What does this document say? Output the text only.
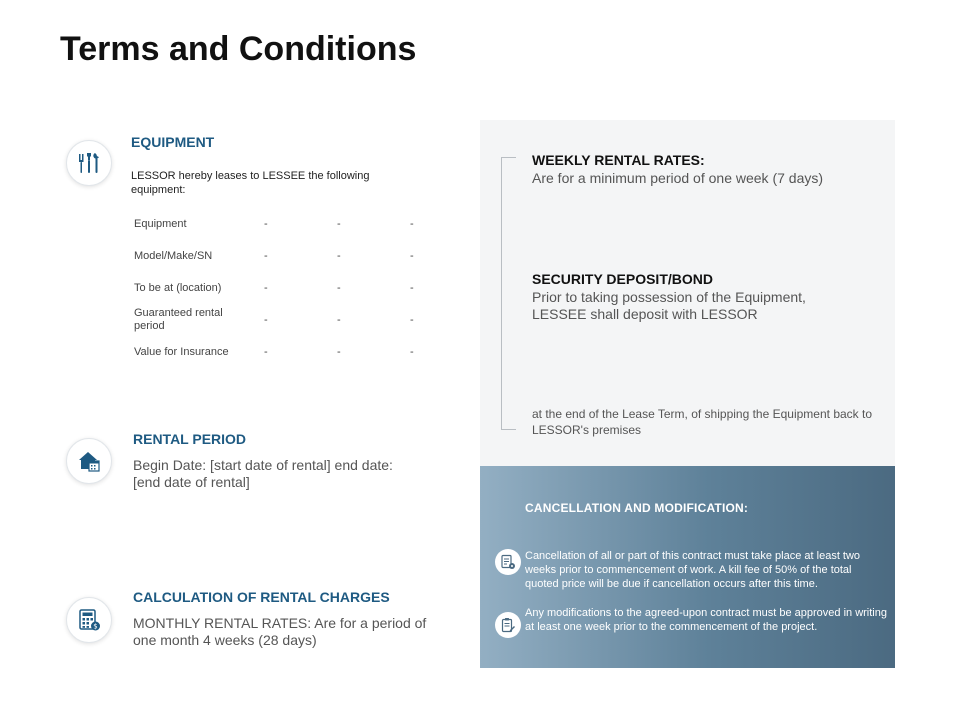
Terms and Conditions
EQUIPMENT
LESSOR hereby leases to LESSEE the following equipment:
Equipment	-	-	-
Model/Make/SN	-	-	-
To be at (location)	-	-	-
Guaranteed rental period	-	-	-
Value for Insurance	-	-	-
RENTAL PERIOD
Begin Date: [start date of rental] end date: [end date of rental]
$
CALCULATION OF RENTAL CHARGES
MONTHLY RENTAL RATES: Are for a period of one month 4 weeks (28 days)
WEEKLY RENTAL RATES:
Are for a minimum period of one week (7 days)
SECURITY DEPOSIT/BOND
Prior to taking possession of the Equipment, LESSEE shall deposit with LESSOR
at the end of the Lease Term, of shipping the Equipment back to LESSOR's premises
CANCELLATION AND MODIFICATION:
Cancellation of all or part of this contract must take place at least two weeks prior to commencement of work. A kill fee of 50% of the total quoted price will be due if cancellation occurs after this time.
Any modifications to the agreed-upon contract must be approved in writing at least one week prior to the commencement of the project.
